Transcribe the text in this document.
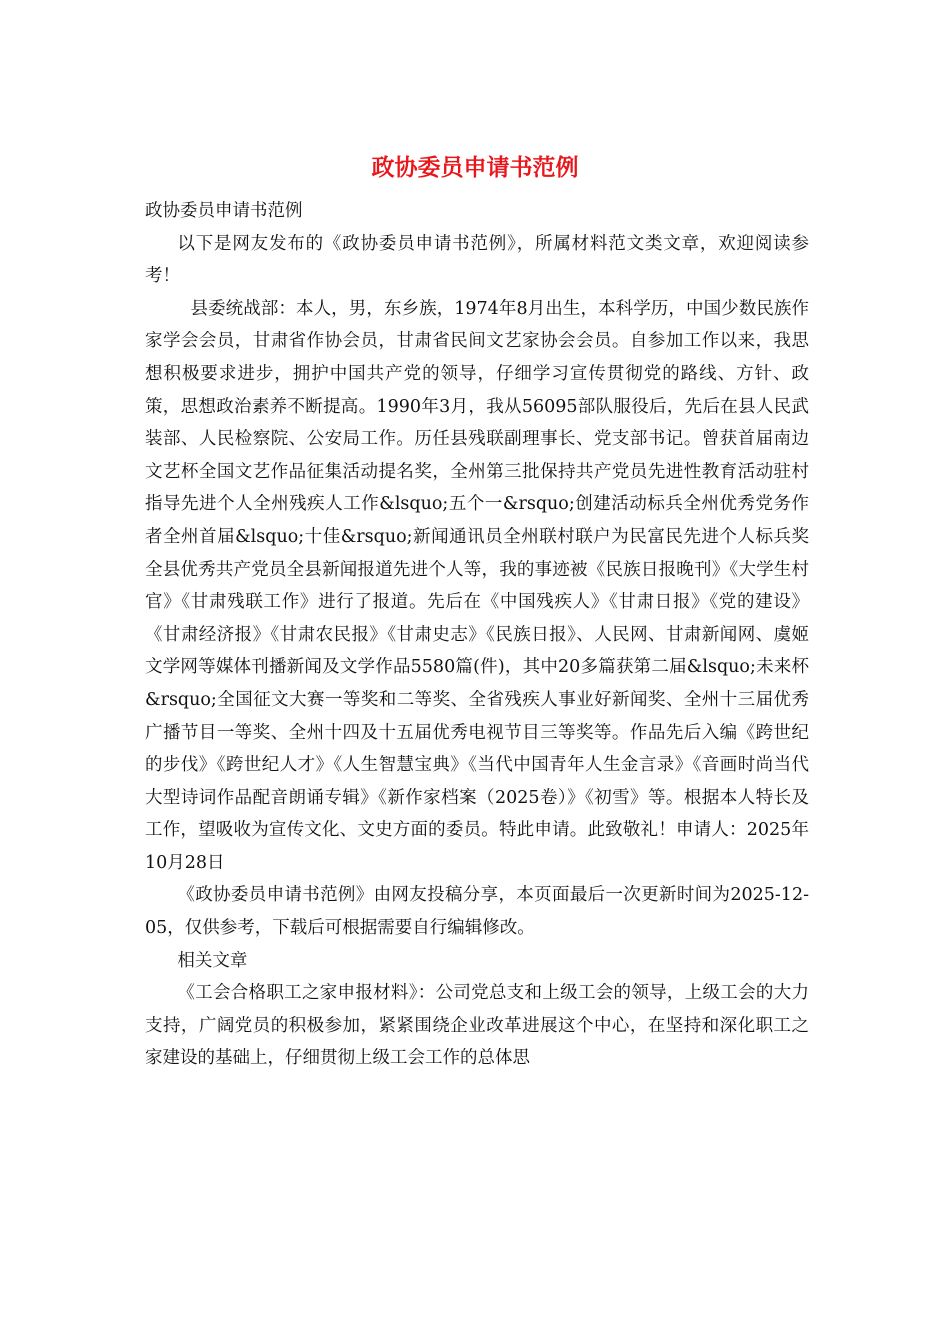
政协委员申请书范例

政协委员申请书范例

以下是网友发布的《政协委员申请书范例》，所属材料范文类文章，欢迎阅读参考！

县委统战部：本人，男，东乡族，1974年8月出生，本科学历，中国少数民族作家学会会员，甘肃省作协会员，甘肃省民间文艺家协会会员。自参加工作以来，我思想积极要求进步，拥护中国共产党的领导，仔细学习宣传贯彻党的路线、方针、政策，思想政治素养不断提高。1990年3月，我从56095部队服役后，先后在县人民武装部、人民检察院、公安局工作。历任县残联副理事长、党支部书记。曾获首届南边文艺杯全国文艺作品征集活动提名奖，全州第三批保持共产党员先进性教育活动驻村指导先进个人全州残疾人工作&lsquo;五个一&rsquo;创建活动标兵全州优秀党务作者全州首届&lsquo;十佳&rsquo;新闻通讯员全州联村联户为民富民先进个人标兵奖全县优秀共产党员全县新闻报道先进个人等，我的事迹被《民族日报晚刊》《大学生村官》《甘肃残联工作》进行了报道。先后在《中国残疾人》《甘肃日报》《党的建设》《甘肃经济报》《甘肃农民报》《甘肃史志》《民族日报》、人民网、甘肃新闻网、虞姬文学网等媒体刊播新闻及文学作品5580篇(件)，其中20多篇获第二届&lsquo;未来杯&rsquo;全国征文大赛一等奖和二等奖、全省残疾人事业好新闻奖、全州十三届优秀广播节目一等奖、全州十四及十五届优秀电视节目三等奖等。作品先后入编《跨世纪的步伐》《跨世纪人才》《人生智慧宝典》《当代中国青年人生金言录》《音画时尚当代大型诗词作品配音朗诵专辑》《新作家档案（2025卷）》《初雪》等。根据本人特长及工作，望吸收为宣传文化、文史方面的委员。特此申请。此致敬礼！申请人：2025年10月28日

《政协委员申请书范例》由网友投稿分享，本页面最后一次更新时间为2025-12-05，仅供参考，下载后可根据需要自行编辑修改。

相关文章

《工会合格职工之家申报材料》：公司党总支和上级工会的领导，上级工会的大力支持，广阔党员的积极参加，紧紧围绕企业改革进展这个中心，在坚持和深化职工之家建设的基础上，仔细贯彻上级工会工作的总体思
